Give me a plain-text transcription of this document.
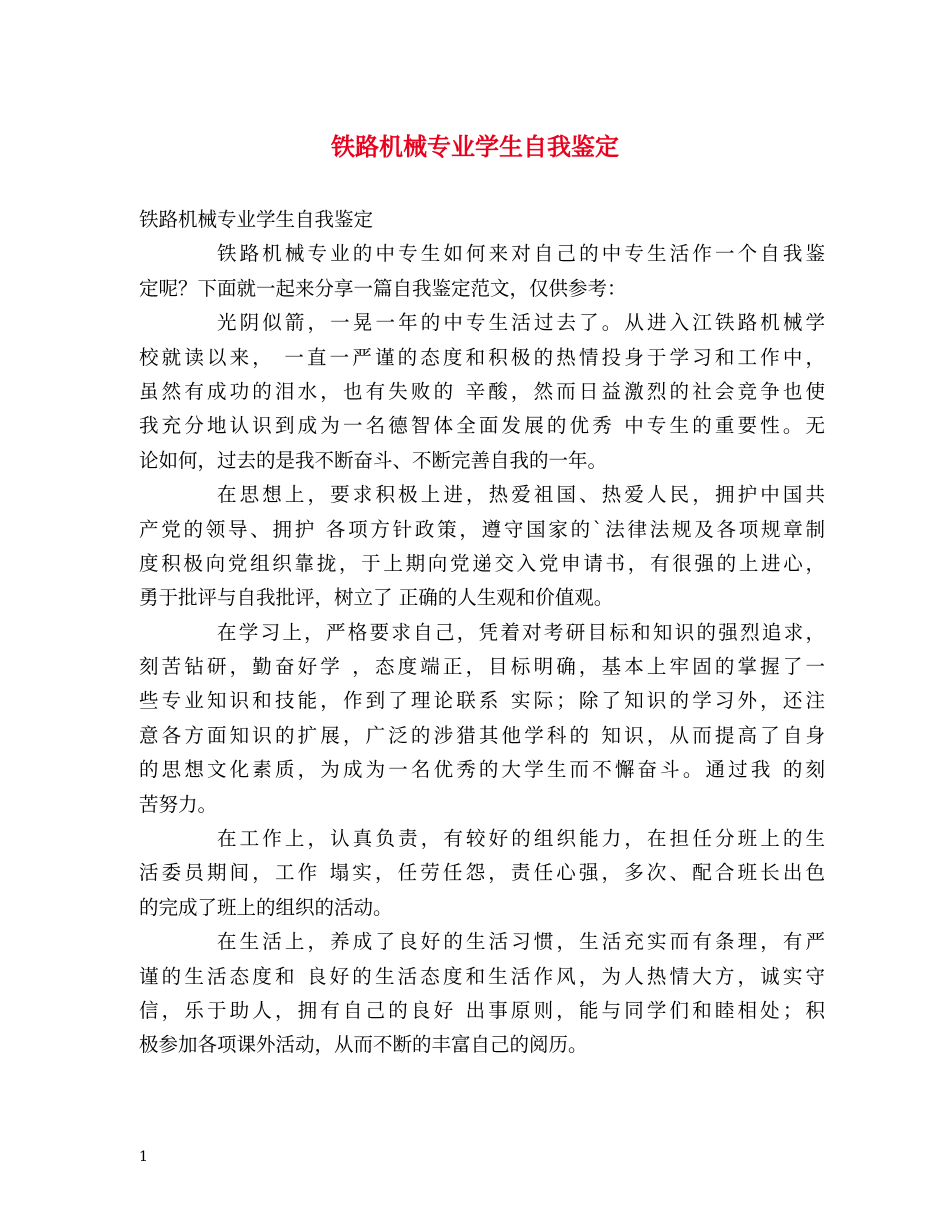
铁路机械专业学生自我鉴定

铁路机械专业学生自我鉴定

铁路机械专业的中专生如何来对自己的中专生活作一个自我鉴
定呢？下面就一起来分享一篇自我鉴定范文，仅供参考：

光阴似箭，一晃一年的中专生活过去了。从进入江铁路机械学
校就读以来， 一直一严谨的态度和积极的热情投身于学习和工作中，
虽然有成功的泪水，也有失败的 辛酸，然而日益激烈的社会竞争也使
我充分地认识到成为一名德智体全面发展的优秀 中专生的重要性。无
论如何，过去的是我不断奋斗、不断完善自我的一年。

在思想上，要求积极上进，热爱祖国、热爱人民，拥护中国共
产党的领导、拥护 各项方针政策，遵守国家的`法律法规及各项规章制
度积极向党组织靠拢，于上期向党递交入党申请书，有很强的上进心，
勇于批评与自我批评，树立了 正确的人生观和价值观。

在学习上，严格要求自己，凭着对考研目标和知识的强烈追求，
刻苦钻研，勤奋好学 ，态度端正，目标明确，基本上牢固的掌握了一
些专业知识和技能，作到了理论联系 实际；除了知识的学习外，还注
意各方面知识的扩展，广泛的涉猎其他学科的 知识，从而提高了自身
的思想文化素质，为成为一名优秀的大学生而不懈奋斗。通过我 的刻
苦努力。

在工作上，认真负责，有较好的组织能力，在担任分班上的生
活委员期间，工作 塌实，任劳任怨，责任心强，多次、配合班长出色
的完成了班上的组织的活动。

在生活上，养成了良好的生活习惯，生活充实而有条理，有严
谨的生活态度和 良好的生活态度和生活作风，为人热情大方，诚实守
信，乐于助人，拥有自己的良好 出事原则，能与同学们和睦相处；积
极参加各项课外活动，从而不断的丰富自己的阅历。

1
